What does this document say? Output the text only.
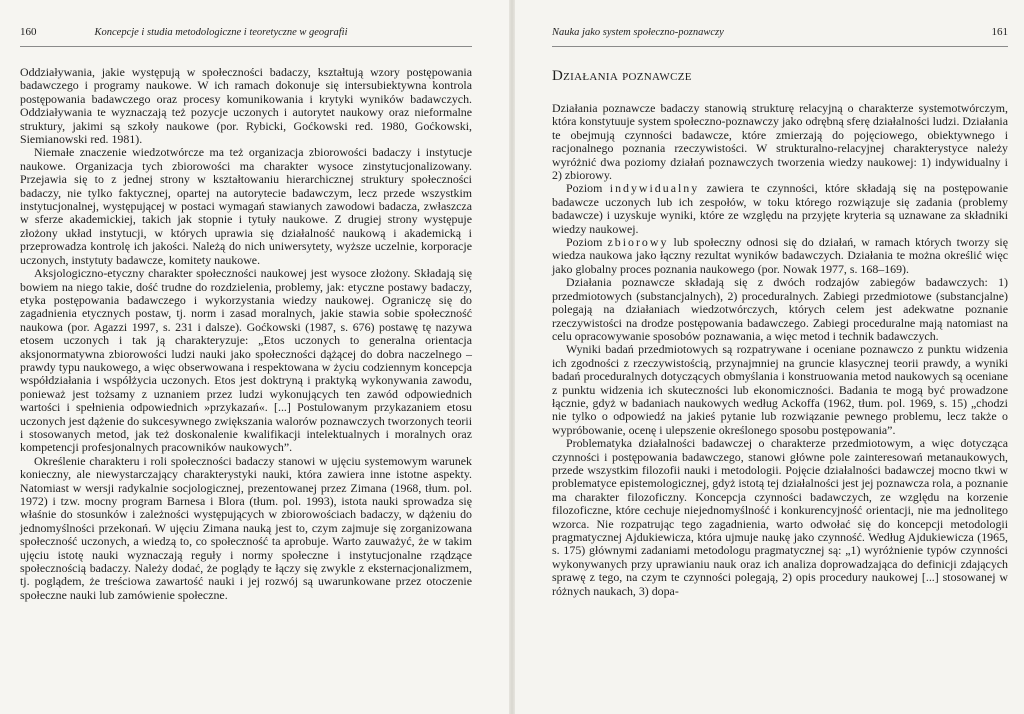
160	Koncepcje i studia metodologiczne i teoretyczne w geografii

Oddziaływania, jakie występują w społeczności badaczy, kształtują wzory postępowania badawczego i programy naukowe. W ich ramach dokonuje się intersubiektywna kontrola postępowania badawczego oraz procesy komunikowania i krytyki wyników badawczych. Oddziaływania te wyznaczają też pozycje uczonych i autorytet naukowy oraz nieformalne struktury, jakimi są szkoły naukowe (por. Rybicki, Goćkowski red. 1980, Goćkowski, Siemianowski red. 1981).

Niemałe znaczenie wiedzotwórcze ma też organizacja zbiorowości badaczy i instytucje naukowe. Organizacja tych zbiorowości ma charakter wysoce zinstytucjonalizowany. Przejawia się to z jednej strony w kształtowaniu hierarchicznej struktury społeczności badaczy, nie tylko faktycznej, opartej na autorytecie badawczym, lecz przede wszystkim instytucjonalnej, występującej w postaci wymagań stawianych zawodowi badacza, zwłaszcza w sferze akademickiej, takich jak stopnie i tytuły naukowe. Z drugiej strony występuje złożony układ instytucji, w których uprawia się działalność naukową i akademicką i przeprowadza kontrolę ich jakości. Należą do nich uniwersytety, wyższe uczelnie, korporacje uczonych, instytuty badawcze, komitety naukowe.

Aksjologiczno-etyczny charakter społeczności naukowej jest wysoce złożony. Składają się bowiem na niego takie, dość trudne do rozdzielenia, problemy, jak: etyczne postawy badaczy, etyka postępowania badawczego i wykorzystania wiedzy naukowej. Ograniczę się do zagadnienia etycznych postaw, tj. norm i zasad moralnych, jakie stawia sobie społeczność naukowa (por. Agazzi 1997, s. 231 i dalsze). Goćkowski (1987, s. 676) postawę tę nazywa etosem uczonych i tak ją charakteryzuje: „Etos uczonych to generalna orientacja aksjonormatywna zbiorowości ludzi nauki jako społeczności dążącej do dobra naczelnego – prawdy typu naukowego, a więc obserwowana i respektowana w życiu codziennym koncepcja współdziałania i współżycia uczonych. Etos jest doktryną i praktyką wykonywania zawodu, ponieważ jest tożsamy z uznaniem przez ludzi wykonujących ten zawód odpowiednich wartości i spełnienia odpowiednich »przykazań«. [...] Postulowanym przykazaniem etosu uczonych jest dążenie do sukcesywnego zwiększania walorów poznawczych tworzonych teorii i stosowanych metod, jak też doskonalenie kwalifikacji intelektualnych i moralnych oraz kompetencji profesjonalnych pracowników naukowych”.

Określenie charakteru i roli społeczności badaczy stanowi w ujęciu systemowym warunek konieczny, ale niewystarczający charakterystyki nauki, która zawiera inne istotne aspekty. Natomiast w wersji radykalnie socjologicznej, prezentowanej przez Zimana (1968, tłum. pol. 1972) i tzw. mocny program Barnesa i Blora (tłum. pol. 1993), istota nauki sprowadza się właśnie do stosunków i zależności występujących w zbiorowościach badaczy, w dążeniu do jednomyślności przekonań. W ujęciu Zimana nauką jest to, czym zajmuje się zorganizowana społeczność uczonych, a wiedzą to, co społeczność ta aprobuje. Warto zauważyć, że w takim ujęciu istotę nauki wyznaczają reguły i normy społeczne i instytucjonalne rządzące społecznością badaczy. Należy dodać, że poglądy te łączy się zwykle z eksternacjonalizmem, tj. poglądem, że treściowa zawartość nauki i jej rozwój są uwarunkowane przez otoczenie społeczne nauki lub zamówienie społeczne.

Nauka jako system społeczno-poznawczy	161
Działania poznawcze

Działania poznawcze badaczy stanowią strukturę relacyjną o charakterze systemotwórczym, która konstytuuje system społeczno-poznawczy jako odrębną sferę działalności ludzi. Działania te obejmują czynności badawcze, które zmierzają do pojęciowego, obiektywnego i racjonalnego poznania rzeczywistości. W strukturalno-relacyjnej charakterystyce należy wyróżnić dwa poziomy działań poznawczych tworzenia wiedzy naukowej: 1) indywidualny i 2) zbiorowy.

Poziom indywidualny zawiera te czynności, które składają się na postępowanie badawcze uczonych lub ich zespołów, w toku którego rozwiązuje się zadania (problemy badawcze) i uzyskuje wyniki, które ze względu na przyjęte kryteria są uznawane za składniki wiedzy naukowej.

Poziom zbiorowy lub społeczny odnosi się do działań, w ramach których tworzy się wiedza naukowa jako łączny rezultat wyników badawczych. Działania te można określić więc jako globalny proces poznania naukowego (por. Nowak 1977, s. 168–169).

Działania poznawcze składają się z dwóch rodzajów zabiegów badawczych: 1) przedmiotowych (substancjalnych), 2) proceduralnych. Zabiegi przedmiotowe (substancjalne) polegają na działaniach wiedzotwórczych, których celem jest adekwatne poznanie rzeczywistości na drodze postępowania badawczego. Zabiegi proceduralne mają natomiast na celu opracowywanie sposobów poznawania, a więc metod i technik badawczych.

Wyniki badań przedmiotowych są rozpatrywane i oceniane poznawczo z punktu widzenia ich zgodności z rzeczywistością, przynajmniej na gruncie klasycznej teorii prawdy, a wyniki badań proceduralnych dotyczących obmyślania i konstruowania metod naukowych są oceniane z punktu widzenia ich skuteczności lub ekonomiczności. Badania te mogą być prowadzone łącznie, gdyż w badaniach naukowych według Ackoffa (1962, tłum. pol. 1969, s. 15) „chodzi nie tylko o odpowiedź na jakieś pytanie lub rozwiązanie pewnego problemu, lecz także o wypróbowanie, ocenę i ulepszenie określonego sposobu postępowania”.

Problematyka działalności badawczej o charakterze przedmiotowym, a więc dotycząca czynności i postępowania badawczego, stanowi główne pole zainteresowań metanaukowych, przede wszystkim filozofii nauki i metodologii. Pojęcie działalności badawczej mocno tkwi w problematyce epistemologicznej, gdyż istotą tej działalności jest jej poznawcza rola, a poznanie ma charakter filozoficzny. Koncepcja czynności badawczych, ze względu na korzenie filozoficzne, które cechuje niejednomyślność i konkurencyjność orientacji, nie ma jednolitego wzorca. Nie rozpatrując tego zagadnienia, warto odwołać się do koncepcji metodologii pragmatycznej Ajdukiewicza, która ujmuje naukę jako czynność. Według Ajdukiewicza (1965, s. 175) głównymi zadaniami metodologu pragmatycznej są: „1) wyróżnienie typów czynności wykonywanych przy uprawianiu nauk oraz ich analiza doprowadzająca do definicji zdających sprawę z tego, na czym te czynności polegają, 2) opis procedury naukowej [...] stosowanej w różnych naukach, 3) dopa-
